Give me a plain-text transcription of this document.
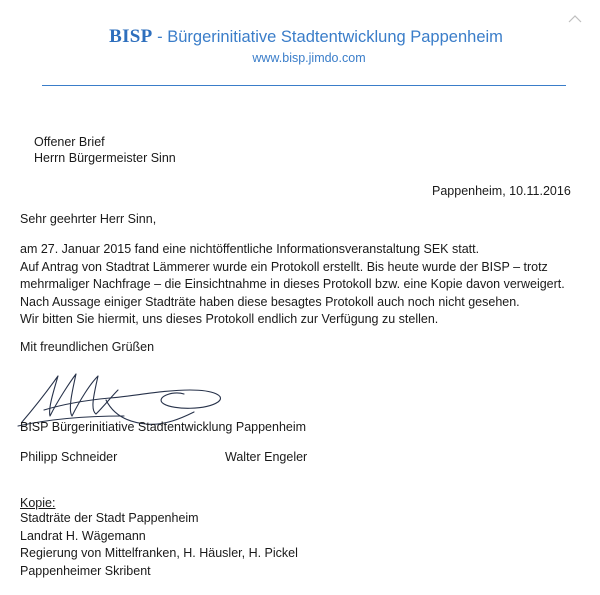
BISP - Bürgerinitiative Stadtentwicklung Pappenheim
www.bisp.jimdo.com
Offener Brief
Herrn Bürgermeister Sinn
Pappenheim, 10.11.2016
Sehr geehrter Herr Sinn,
am 27. Januar 2015 fand eine nichtöffentliche Informationsveranstaltung SEK statt.
Auf Antrag von Stadtrat Lämmerer wurde ein Protokoll erstellt. Bis heute wurde der BISP – trotz
mehrmaliger Nachfrage – die Einsichtnahme in dieses Protokoll bzw. eine Kopie davon verweigert.
Nach Aussage einiger Stadträte haben diese besagtes Protokoll auch noch nicht gesehen.
Wir bitten Sie hiermit, uns dieses Protokoll endlich zur Verfügung zu stellen.
Mit freundlichen Grüßen
BISP Bürgerinitiative Stadtentwicklung Pappenheim
Philipp Schneider	Walter Engeler
Kopie:
Stadträte der Stadt Pappenheim
Landrat H. Wägemann
Regierung von Mittelfranken, H. Häusler, H. Pickel
Pappenheimer Skribent
